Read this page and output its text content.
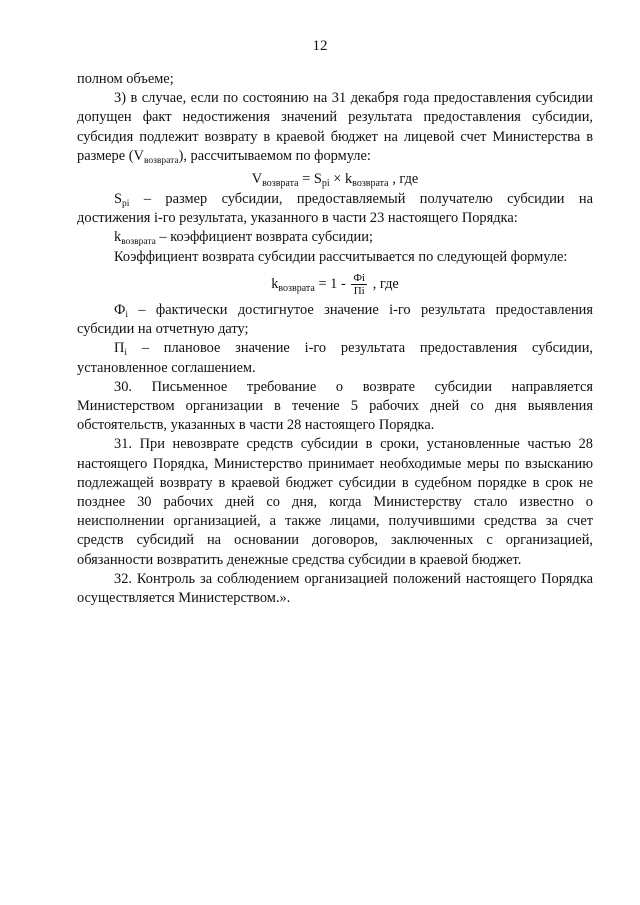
12

полном объеме;

3) в случае, если по состоянию на 31 декабря года предоставления субсидии допущен факт недостижения значений результата предоставления субсидии, субсидия подлежит возврату в краевой бюджет на лицевой счет Министерства в размере $(V_{возврата})$, рассчитываемом по формуле:

$V_{возврата} = S_{pi} \times k_{возврата}$ , где

$S_{pi}$ – размер субсидии, предоставляемый получателю субсидии на достижения i-го результата, указанного в части 23 настоящего Порядка:

$k_{возврата}$ – коэффициент возврата субсидии;

Коэффициент возврата субсидии рассчитывается по следующей формуле:

$k_{возврата} = 1 - \frac{Фi}{Пi}$ , где

$Ф_i$ – фактически достигнутое значение i-го результата предоставления субсидии на отчетную дату;

$П_i$ – плановое значение i-го результата предоставления субсидии, установленное соглашением.

30. Письменное требование о возврате субсидии направляется Министерством организации в течение 5 рабочих дней со дня выявления обстоятельств, указанных в части 28 настоящего Порядка.

31. При невозврате средств субсидии в сроки, установленные частью 28 настоящего Порядка, Министерство принимает необходимые меры по взысканию подлежащей возврату в краевой бюджет субсидии в судебном порядке в срок не позднее 30 рабочих дней со дня, когда Министерству стало известно о неисполнении организацией, а также лицами, получившими средства за счет средств субсидий на основании договоров, заключенных с организацией, обязанности возвратить денежные средства субсидии в краевой бюджет.

32. Контроль за соблюдением организацией положений настоящего Порядка осуществляется Министерством.».
